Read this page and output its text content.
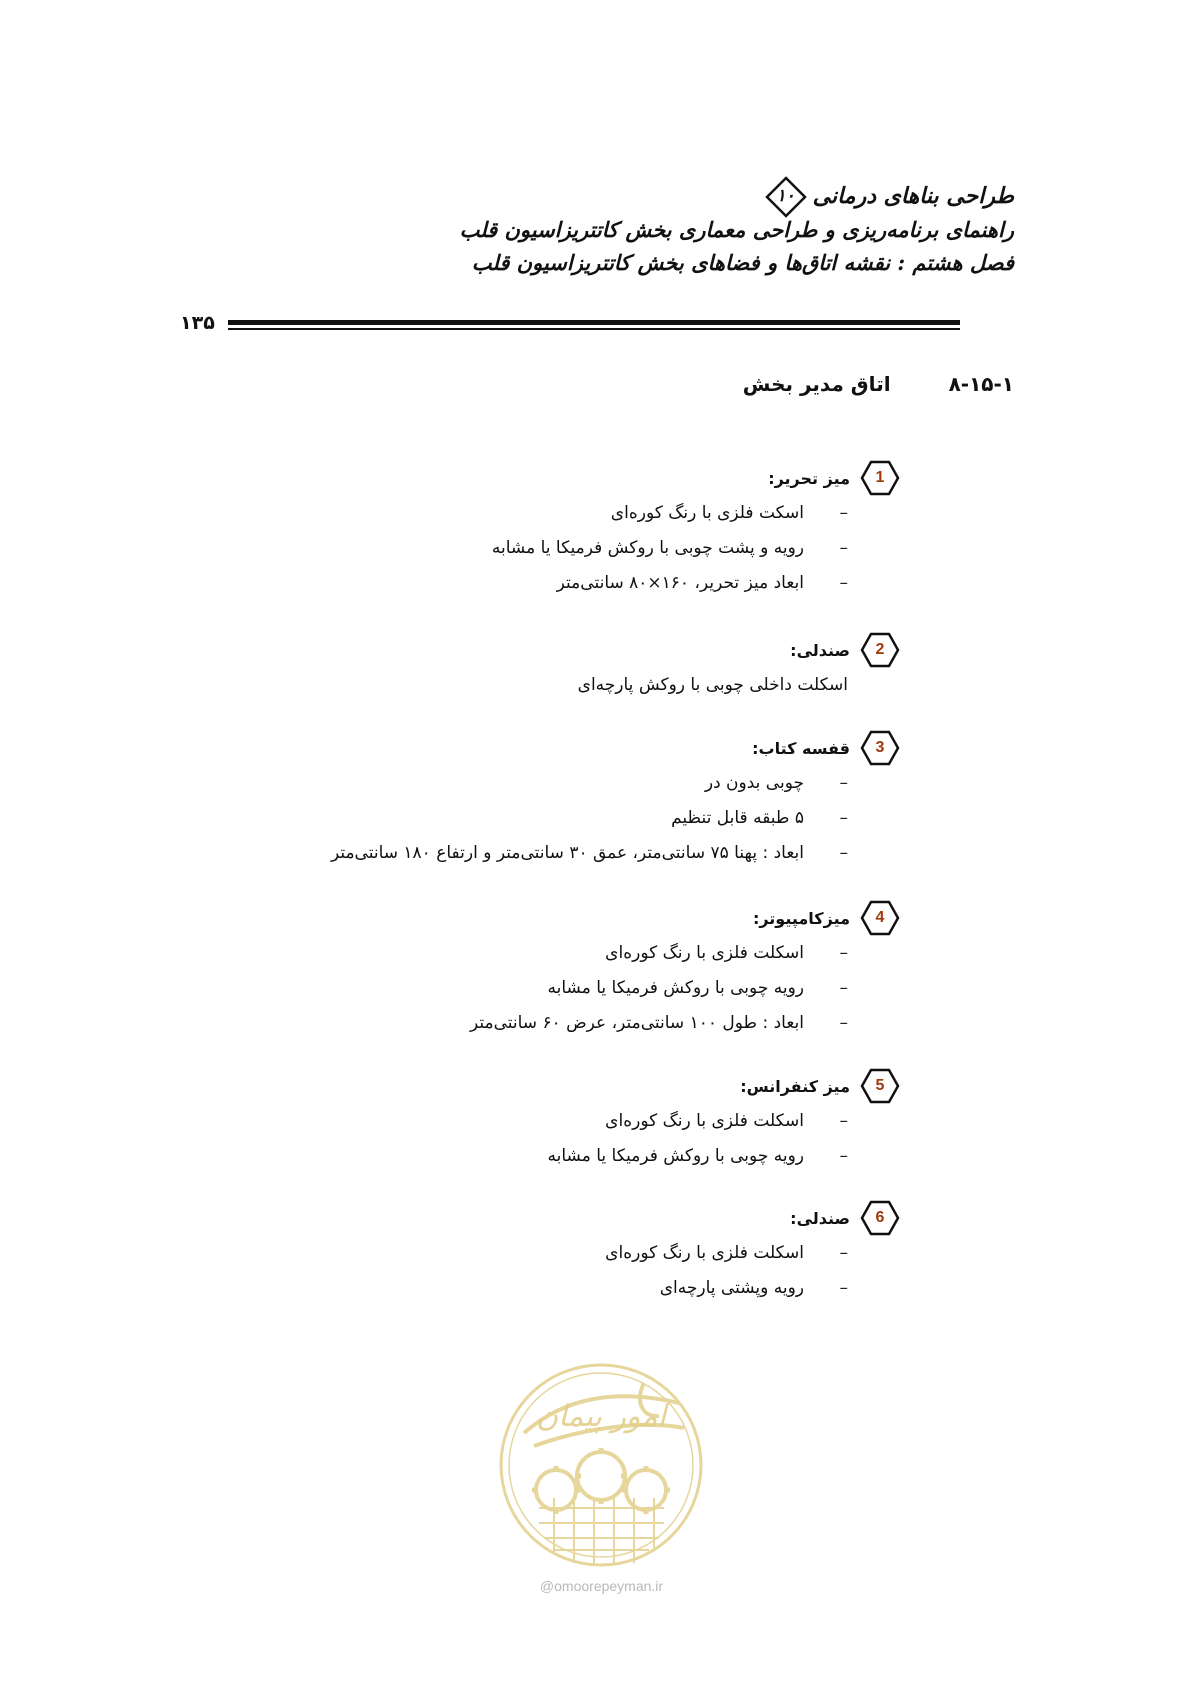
طراحی بناهای درمانی
۱۰
راهنمای برنامه‌ریزی و طراحی معماری بخش کاتتریزاسیون قلب
فصل هشتم : نقشه اتاق‌ها و فضاهای بخش کاتتریزاسیون قلب
۱۳۵
۸-۱۵-۱
اتاق مدیر بخش
1
میز تحریر:
–
اسکت فلزی با رنگ کوره‌ای
–
رویه و پشت چوبی با روکش فرمیکا یا مشابه
–
ابعاد میز تحریر، ۱۶۰×۸۰ سانتی‌متر
2
صندلی:
اسکلت داخلی چوبی با روکش پارچه‌ای
3
قفسه کتاب:
–
چوبی بدون در
–
۵ طبقه قابل تنظیم
–
ابعاد : پهنا ۷۵ سانتی‌متر، عمق ۳۰ سانتی‌متر و ارتفاع ۱۸۰ سانتی‌متر
4
میزکامپیوتر:
–
اسکلت فلزی با رنگ کوره‌ای
–
رویه چوبی با روکش فرمیکا یا مشابه
–
ابعاد : طول ۱۰۰ سانتی‌متر، عرض ۶۰ سانتی‌متر
5
میز کنفرانس:
–
اسکلت فلزی با رنگ کوره‌ای
–
رویه چوبی با روکش فرمیکا یا مشابه
6
صندلی:
–
اسکلت فلزی با رنگ کوره‌ای
–
رویه وپشتی پارچه‌ای
امور پیمان
@omoorepeyman.ir
